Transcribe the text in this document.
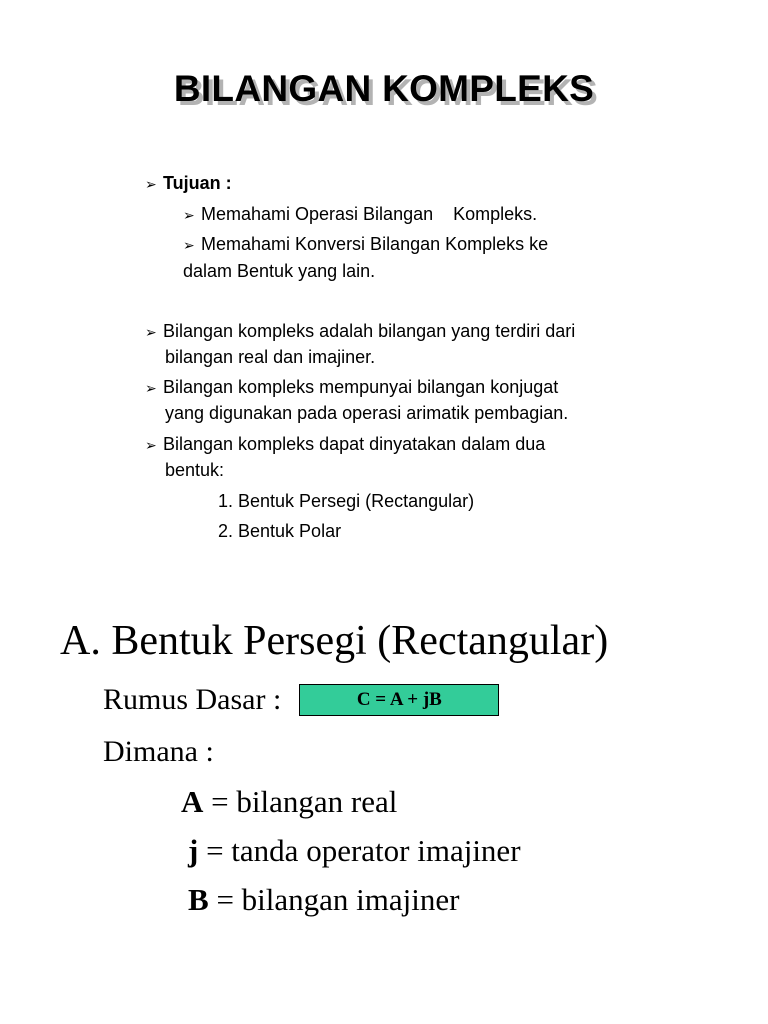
BILANGAN KOMPLEKS
➢ Tujuan :
➢ Memahami Operasi Bilangan    Kompleks.
➢ Memahami Konversi Bilangan Kompleks ke
dalam Bentuk yang lain.
➢ Bilangan kompleks adalah bilangan yang terdiri dari
bilangan real dan imajiner.
➢ Bilangan kompleks mempunyai bilangan konjugat
yang digunakan pada operasi arimatik pembagian.
➢ Bilangan kompleks dapat dinyatakan dalam dua
bentuk:
1. Bentuk Persegi (Rectangular)
2. Bentuk Polar
A. Bentuk Persegi (Rectangular)
Rumus Dasar :	C = A + jB
Dimana :
A = bilangan real
j = tanda operator imajiner
B = bilangan imajiner
